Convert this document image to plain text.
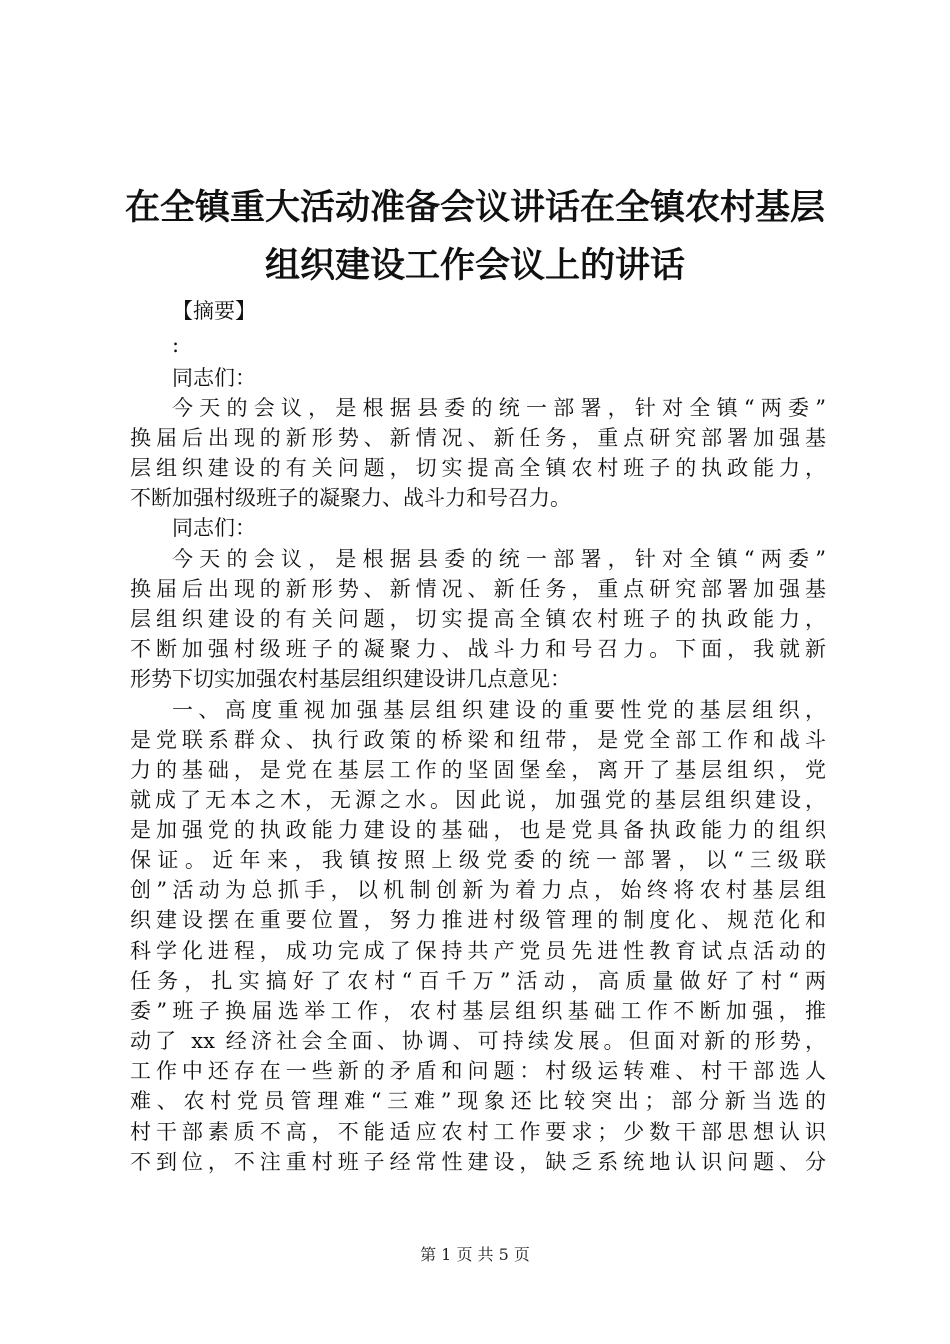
在全镇重大活动准备会议讲话在全镇农村基层
组织建设工作会议上的讲话
【摘要】
:
同志们：
今天的会议，是根据县委的统一部署，针对全镇“两委”
换届后出现的新形势、新情况、新任务，重点研究部署加强基
层组织建设的有关问题，切实提高全镇农村班子的执政能力，
不断加强村级班子的凝聚力、战斗力和号召力。
同志们：
今天的会议，是根据县委的统一部署，针对全镇“两委”
换届后出现的新形势、新情况、新任务，重点研究部署加强基
层组织建设的有关问题，切实提高全镇农村班子的执政能力，
不断加强村级班子的凝聚力、战斗力和号召力。下面，我就新
形势下切实加强农村基层组织建设讲几点意见：
一、高度重视加强基层组织建设的重要性党的基层组织，
是党联系群众、执行政策的桥梁和纽带，是党全部工作和战斗
力的基础，是党在基层工作的坚固堡垒，离开了基层组织，党
就成了无本之木，无源之水。因此说，加强党的基层组织建设，
是加强党的执政能力建设的基础，也是党具备执政能力的组织
保证。近年来，我镇按照上级党委的统一部署，以“三级联
创”活动为总抓手，以机制创新为着力点，始终将农村基层组
织建设摆在重要位置，努力推进村级管理的制度化、规范化和
科学化进程，成功完成了保持共产党员先进性教育试点活动的
任务，扎实搞好了农村“百千万”活动，高质量做好了村“两
委”班子换届选举工作，农村基层组织基础工作不断加强，推
动了 xx 经济社会全面、协调、可持续发展。但面对新的形势，
工作中还存在一些新的矛盾和问题：村级运转难、村干部选人
难、农村党员管理难“三难”现象还比较突出；部分新当选的
村干部素质不高，不能适应农村工作要求；少数干部思想认识
不到位，不注重村班子经常性建设，缺乏系统地认识问题、分
第 1 页 共 5 页
